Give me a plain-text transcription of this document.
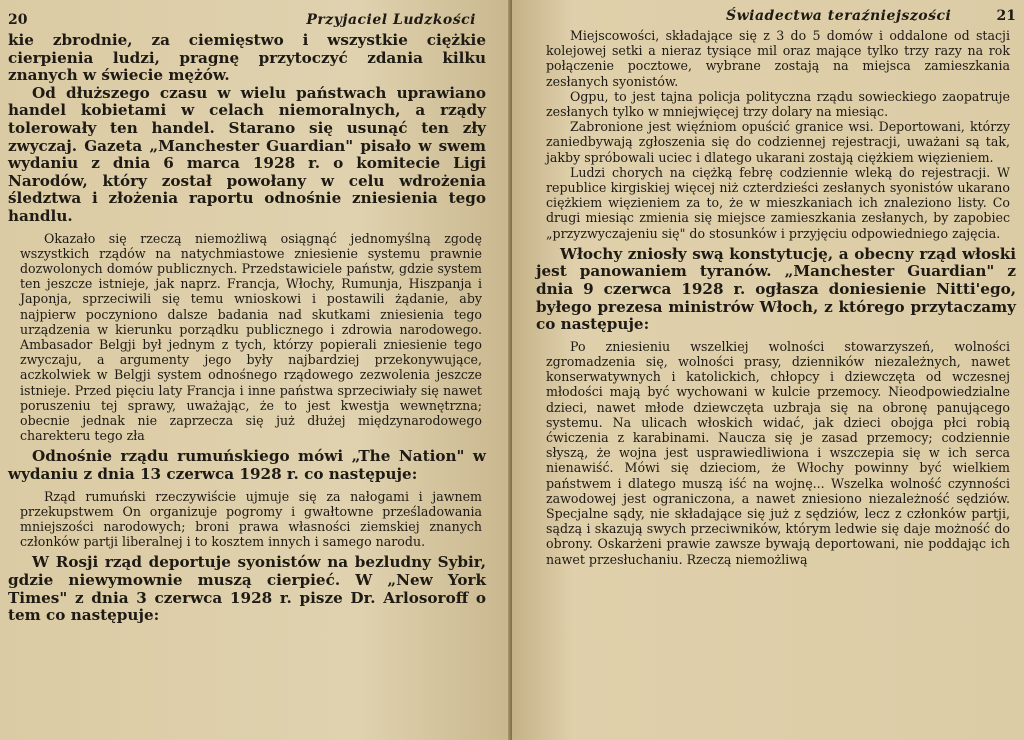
20	Przyjaciel Ludzkości

kie zbrodnie, za ciemięstwo i wszystkie ciężkie cierpienia ludzi, pragnę przytoczyć zdania kilku znanych w świecie mężów.

Od dłuższego czasu w wielu państwach uprawiano handel kobietami w celach niemoralnych, a rządy tolerowały ten handel. Starano się usunąć ten zły zwyczaj. Gazeta „Manchester Guardian" pisało w swem wydaniu z dnia 6 marca 1928 r. o komitecie Ligi Narodów, który został powołany w celu wdrożenia śledztwa i złożenia raportu odnośnie zniesienia tego handlu.

Okazało się rzeczą niemożliwą osiągnąć jednomyślną zgodę wszystkich rządów na natychmiastowe zniesienie systemu prawnie dozwolonych domów publicznych. Przedstawiciele państw, gdzie system ten jeszcze istnieje, jak naprz. Francja, Włochy, Rumunja, Hiszpanja i Japonja, sprzeciwili się temu wnioskowi i postawili żądanie, aby najpierw poczyniono dalsze badania nad skutkami zniesienia tego urządzenia w kierunku porządku publicznego i zdrowia narodowego. Ambasador Belgji był jednym z tych, którzy popierali zniesienie tego zwyczaju, a argumenty jego były najbardziej przekonywujące, aczkolwiek w Belgji system odnośnego rządowego zezwolenia jeszcze istnieje. Przed pięciu laty Francja i inne państwa sprzeciwiały się nawet poruszeniu tej sprawy, uważając, że to jest kwestja wewnętrzna; obecnie jednak nie zaprzecza się już dłużej międzynarodowego charekteru tego zła

Odnośnie rządu rumuńskiego mówi „The Nation" w wydaniu z dnia 13 czerwca 1928 r. co następuje:

Rząd rumuński rzeczywiście ujmuje się za nałogami i jawnem przekupstwem On organizuje pogromy i gwałtowne prześladowania mniejszości narodowych; broni prawa własności ziemskiej znanych członków partji liberalnej i to kosztem innych i samego narodu.

W Rosji rząd deportuje syonistów na bezludny Sybir, gdzie niewymownie muszą cierpieć. W „New York Times" z dnia 3 czerwca 1928 r. pisze Dr. Arlosoroff o tem co następuje:

Świadectwa teraźniejszości	21

Miejscowości, składające się z 3 do 5 domów i oddalone od stacji kolejowej setki a nieraz tysiące mil oraz mające tylko trzy razy na rok połączenie pocztowe, wybrane zostają na miejsca zamieszkania zesłanych syonistów.

Ogpu, to jest tajna policja polityczna rządu sowieckiego zaopatruje zesłanych tylko w mniejwięcej trzy dolary na miesiąc.

Zabronione jest więźniom opuścić granice wsi. Deportowani, którzy zaniedbywają zgłoszenia się do codziennej rejestracji, uważani są tak, jakby spróbowali uciec i dlatego ukarani zostają ciężkiem więzieniem.

Ludzi chorych na ciężką febrę codziennie wleką do rejestracji. W republice kirgiskiej więcej niż czterdzieści zesłanych syonistów ukarano ciężkiem więzieniem za to, że w mieszkaniach ich znaleziono listy. Co drugi miesiąc zmienia się miejsce zamieszkania zesłanych, by zapobiec „przyzwyczajeniu się" do stosunków i przyjęciu odpowiedniego zajęcia.

Włochy zniosły swą konstytucję, a obecny rząd włoski jest panowaniem tyranów. „Manchester Guardian" z dnia 9 czerwca 1928 r. ogłasza doniesienie Nitti'ego, byłego prezesa ministrów Włoch, z którego przytaczamy co następuje:

Po zniesieniu wszelkiej wolności stowarzyszeń, wolności zgromadzenia się, wolności prasy, dzienników niezależnych, nawet konserwatywnych i katolickich, chłopcy i dziewczęta od wczesnej młodości mają być wychowani w kulcie przemocy. Nieodpowiedzialne dzieci, nawet młode dziewczęta uzbraja się na obronę panującego systemu. Na ulicach włoskich widać, jak dzieci obojga płci robią ćwiczenia z karabinami. Naucza się je zasad przemocy; codziennie słyszą, że wojna jest usprawiedliwiona i wszczepia się w ich serca nienawiść. Mówi się dzieciom, że Włochy powinny być wielkiem państwem i dlatego muszą iść na wojnę... Wszelka wolność czynności zawodowej jest ograniczona, a nawet zniesiono niezależność sędziów. Specjalne sądy, nie składające się już z sędziów, lecz z członków partji, sądzą i skazują swych przeciwników, którym ledwie się daje możność do obrony. Oskarżeni prawie zawsze bywają deportowani, nie poddając ich nawet przesłuchaniu. Rzeczą niemożliwą
